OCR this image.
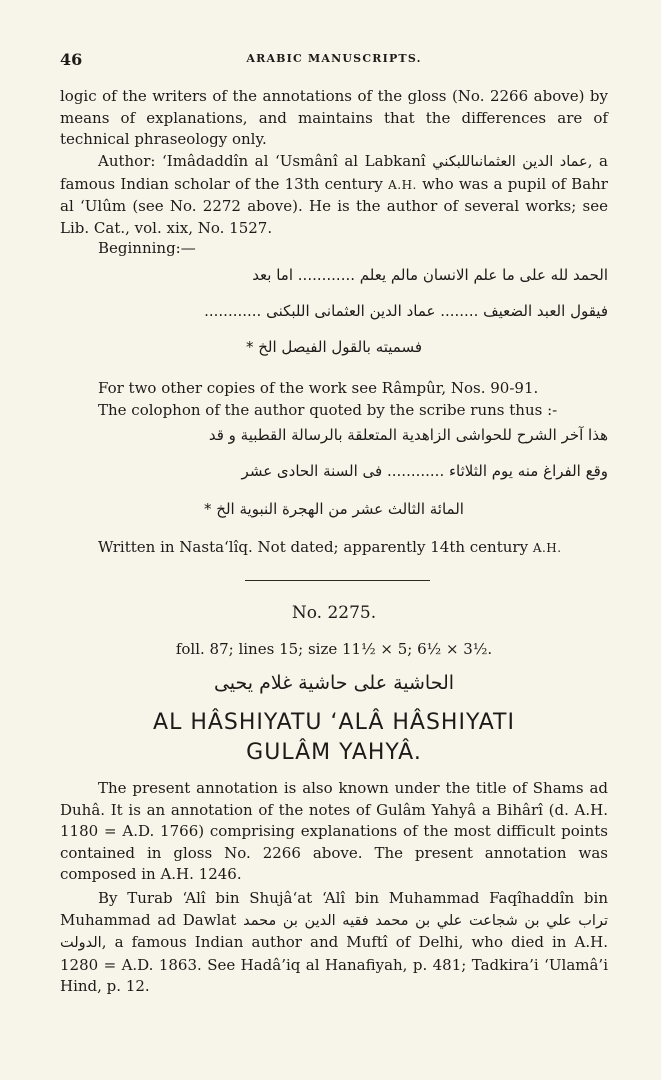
46	ARABIC MANUSCRIPTS.
logic of the writers of the annotations of the gloss (No. 2266 above) by means of explanations, and maintains that the differences are of technical phraseology only.
Author: ‘Imâdaddîn al ‘Usmânî al Labkanî	عماد الدين العثمانىاللبكني	, a famous Indian scholar of the 13th century A.H. who was a pupil of Bahr al ‘Ulûm (see No. 2272 above). He is the author of several works; see Lib. Cat., vol. xix, No. 1527.
Beginning:—
الحمد لله على ما علم الانسان مالم يعلم ............ اما بعد
فيقول العبد الضعيف ........ عماد الدين العثمانى اللبكنى ............
فسميته بالقول الفيصل الخ *
For two other copies of the work see Râmpûr, Nos. 90-91.
The colophon of the author quoted by the scribe runs thus :-
هذا آخر الشرح للحواشى الزاهدية المتعلقة بالرسالة القطبية و قد
وقع الفراغ منه يوم الثلاثاء ............ فى السنة الحادى عشر
المائة الثالث عشر من الهجرة النبوية الخ *
Written in Nasta‘lîq. Not dated; apparently 14th century A.H.
No. 2275.
foll. 87; lines 15; size 11½ × 5; 6½ × 3½.
الحاشية على حاشية غلام يحيى
AL HÂSHIYATU ‘ALÂ HÂSHIYATI
GULÂM YAHYÂ.
The present annotation is also known under the title of Shams ad Duhâ. It is an annotation of the notes of Gulâm Yahyâ a Bihârî (d. A.H. 1180 = A.D. 1766) comprising explanations of the most difficult points contained in gloss No. 2266 above. The present annotation was composed in A.H. 1246.
By Turab ‘Alî bin Shujâ‘at ‘Alî bin Muhammad Faqîhaddîn bin Muhammad ad Dawlat تراب علي بن شجاعت علي بن محمد فقيه الدين بن محمد الدولت, a famous Indian author and Muftî of Delhi, who died in A.H. 1280 = A.D. 1863. See Hadâ’iq al Hanafiyah, p. 481; Tadkira’i ‘Ulamâ’i Hind, p. 12.
